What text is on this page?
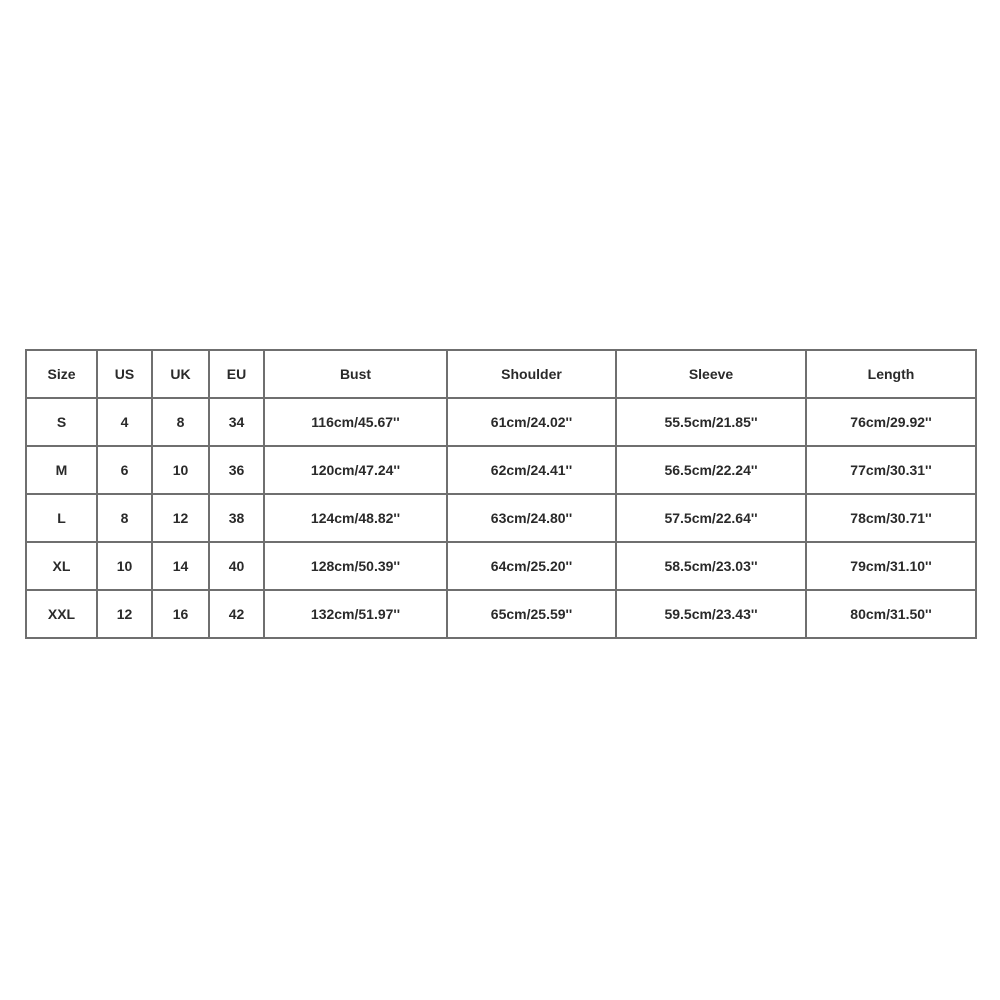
Size	US	UK	EU	Bust	Shoulder	Sleeve	Length
S	4	8	34	116cm/45.67''	61cm/24.02''	55.5cm/21.85''	76cm/29.92''
M	6	10	36	120cm/47.24''	62cm/24.41''	56.5cm/22.24''	77cm/30.31''
L	8	12	38	124cm/48.82''	63cm/24.80''	57.5cm/22.64''	78cm/30.71''
XL	10	14	40	128cm/50.39''	64cm/25.20''	58.5cm/23.03''	79cm/31.10''
XXL	12	16	42	132cm/51.97''	65cm/25.59''	59.5cm/23.43''	80cm/31.50''
